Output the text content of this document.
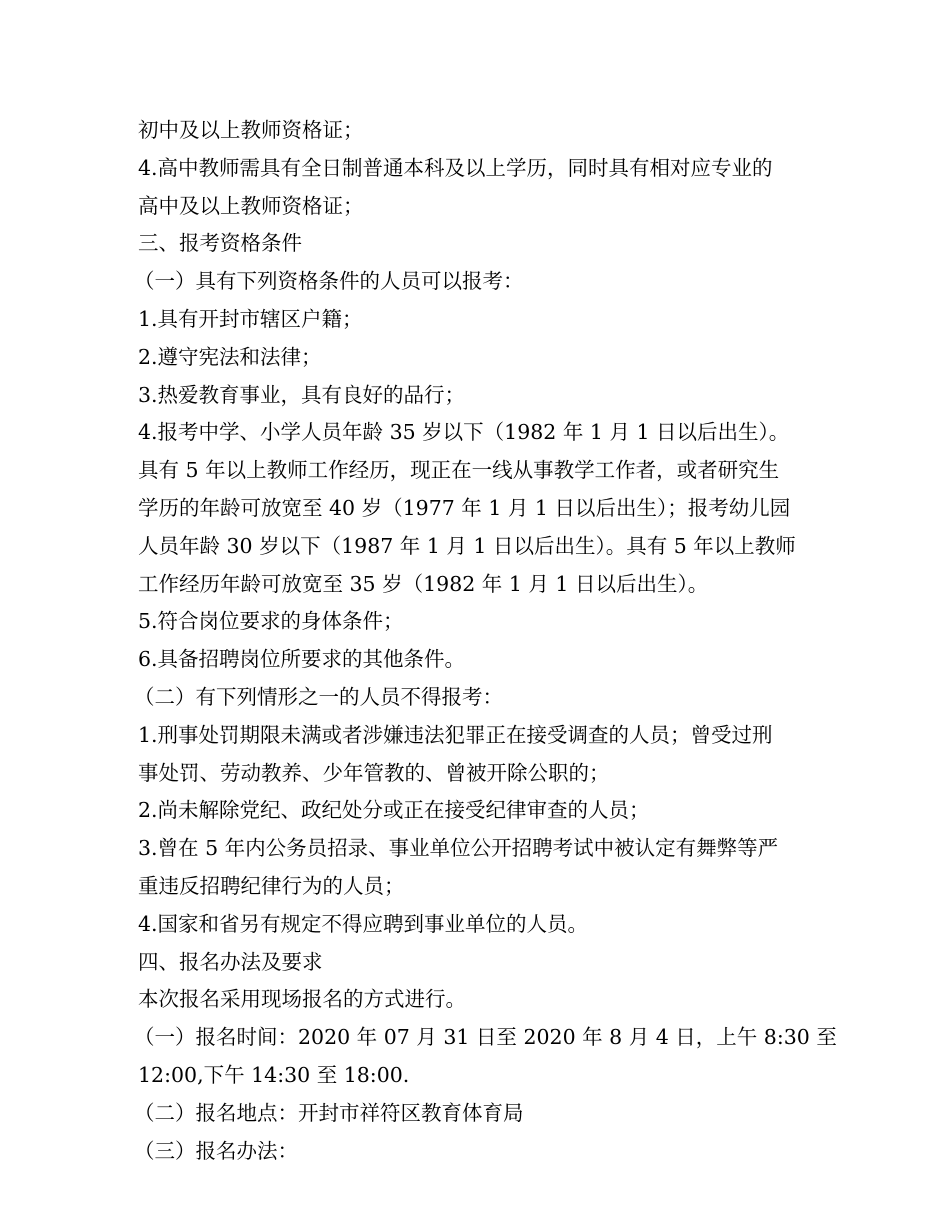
初中及以上教师资格证；

4.高中教师需具有全日制普通本科及以上学历，同时具有相对应专业的

高中及以上教师资格证；

三、报考资格条件

（一）具有下列资格条件的人员可以报考：

1.具有开封市辖区户籍；

2.遵守宪法和法律；

3.热爱教育事业，具有良好的品行；

4.报考中学、小学人员年龄 35 岁以下（1982 年 1 月 1 日以后出生）。

具有 5 年以上教师工作经历，现正在一线从事教学工作者，或者研究生

学历的年龄可放宽至 40 岁（1977 年 1 月 1 日以后出生）；报考幼儿园

人员年龄 30 岁以下（1987 年 1 月 1 日以后出生）。具有 5 年以上教师

工作经历年龄可放宽至 35 岁（1982 年 1 月 1 日以后出生）。

5.符合岗位要求的身体条件；

6.具备招聘岗位所要求的其他条件。

（二）有下列情形之一的人员不得报考：

1.刑事处罚期限未满或者涉嫌违法犯罪正在接受调查的人员；曾受过刑

事处罚、劳动教养、少年管教的、曾被开除公职的；

2.尚未解除党纪、政纪处分或正在接受纪律审查的人员；

3.曾在 5 年内公务员招录、事业单位公开招聘考试中被认定有舞弊等严

重违反招聘纪律行为的人员；

4.国家和省另有规定不得应聘到事业单位的人员。

四、报名办法及要求

本次报名采用现场报名的方式进行。

（一）报名时间：2020 年 07 月 31 日至 2020 年 8 月 4 日，上午 8:30 至

12:00,下午 14:30 至 18:00.

（二）报名地点：开封市祥符区教育体育局

（三）报名办法：
